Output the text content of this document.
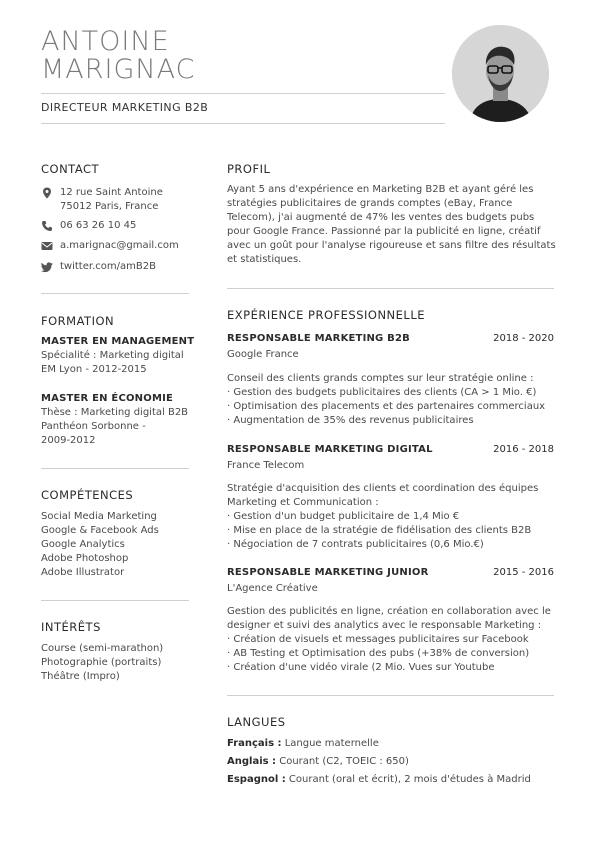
ANTOINE
MARIGNAC
DIRECTEUR MARKETING B2B
CONTACT
12 rue Saint Antoine
75012 Paris, France
06 63 26 10 45
a.marignac@gmail.com
twitter.com/amB2B
FORMATION
MASTER EN MANAGEMENT
Spécialité : Marketing digital
EM Lyon - 2012-2015
MASTER EN ÉCONOMIE
Thèse : Marketing digital B2B
Panthéon Sorbonne -
2009-2012
COMPÉTENCES
Social Media Marketing
Google & Facebook Ads
Google Analytics
Adobe Photoshop
Adobe Illustrator
INTÉRÊTS
Course (semi-marathon)
Photographie (portraits)
Théâtre (Impro)
PROFIL
Ayant 5 ans d'expérience en Marketing B2B et ayant géré les
stratégies publicitaires de grands comptes (eBay, France
Telecom), j'ai augmenté de 47% les ventes des budgets pubs
pour Google France. Passionné par la publicité en ligne, créatif
avec un goût pour l'analyse rigoureuse et sans filtre des résultats
et statistiques.
EXPÉRIENCE PROFESSIONNELLE
RESPONSABLE MARKETING B2B	2018 - 2020
Google France
Conseil des clients grands comptes sur leur stratégie online :
· Gestion des budgets publicitaires des clients (CA > 1 Mio. €)
· Optimisation des placements et des partenaires commerciaux
· Augmentation de 35% des revenus publicitaires
RESPONSABLE MARKETING DIGITAL	2016 - 2018
France Telecom
Stratégie d'acquisition des clients et coordination des équipes
Marketing et Communication :
· Gestion d'un budget publicitaire de 1,4 Mio €
· Mise en place de la stratégie de fidélisation des clients B2B
· Négociation de 7 contrats publicitaires (0,6 Mio.€)
RESPONSABLE MARKETING JUNIOR	2015 - 2016
L'Agence Créative
Gestion des publicités en ligne, création en collaboration avec le
designer et suivi des analytics avec le responsable Marketing :
· Création de visuels et messages publicitaires sur Facebook
· AB Testing et Optimisation des pubs (+38% de conversion)
· Création d'une vidéo virale (2 Mio. Vues sur Youtube
LANGUES
Français : Langue maternelle
Anglais : Courant (C2, TOEIC : 650)
Espagnol : Courant (oral et écrit), 2 mois d'études à Madrid
